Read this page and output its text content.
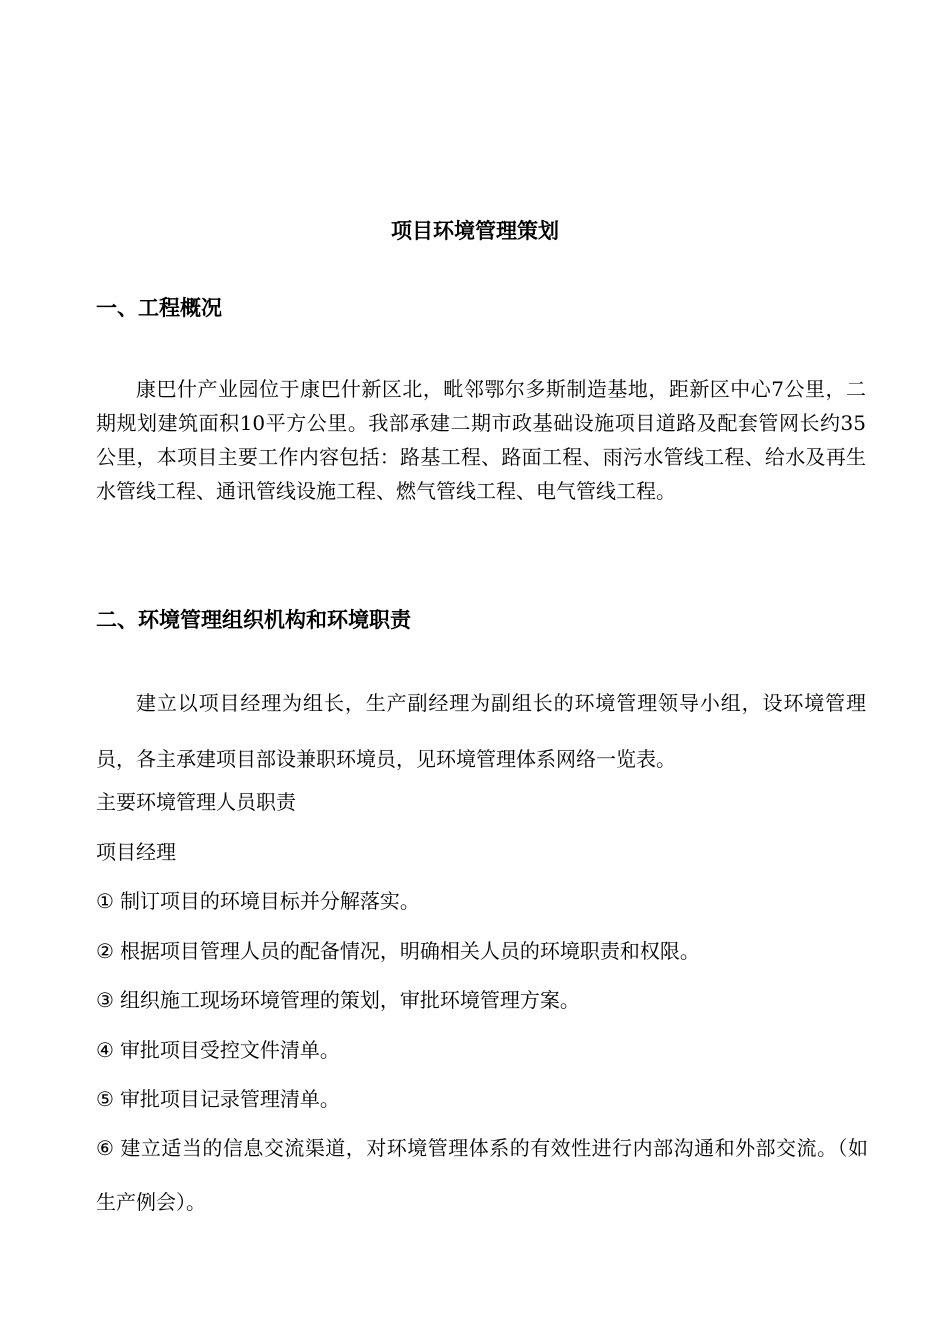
项目环境管理策划
一、工程概况
康巴什产业园位于康巴什新区北，毗邻鄂尔多斯制造基地，距新区中心7公里，二期规划建筑面积10平方公里。我部承建二期市政基础设施项目道路及配套管网长约35公里，本项目主要工作内容包括：路基工程、路面工程、雨污水管线工程、给水及再生水管线工程、通讯管线设施工程、燃气管线工程、电气管线工程。
二、环境管理组织机构和环境职责
建立以项目经理为组长，生产副经理为副组长的环境管理领导小组，设环境管理员，各主承建项目部设兼职环境员，见环境管理体系网络一览表。
主要环境管理人员职责
项目经理
① 制订项目的环境目标并分解落实。
② 根据项目管理人员的配备情况，明确相关人员的环境职责和权限。
③ 组织施工现场环境管理的策划，审批环境管理方案。
④ 审批项目受控文件清单。
⑤ 审批项目记录管理清单。
⑥ 建立适当的信息交流渠道，对环境管理体系的有效性进行内部沟通和外部交流。（如生产例会）。
